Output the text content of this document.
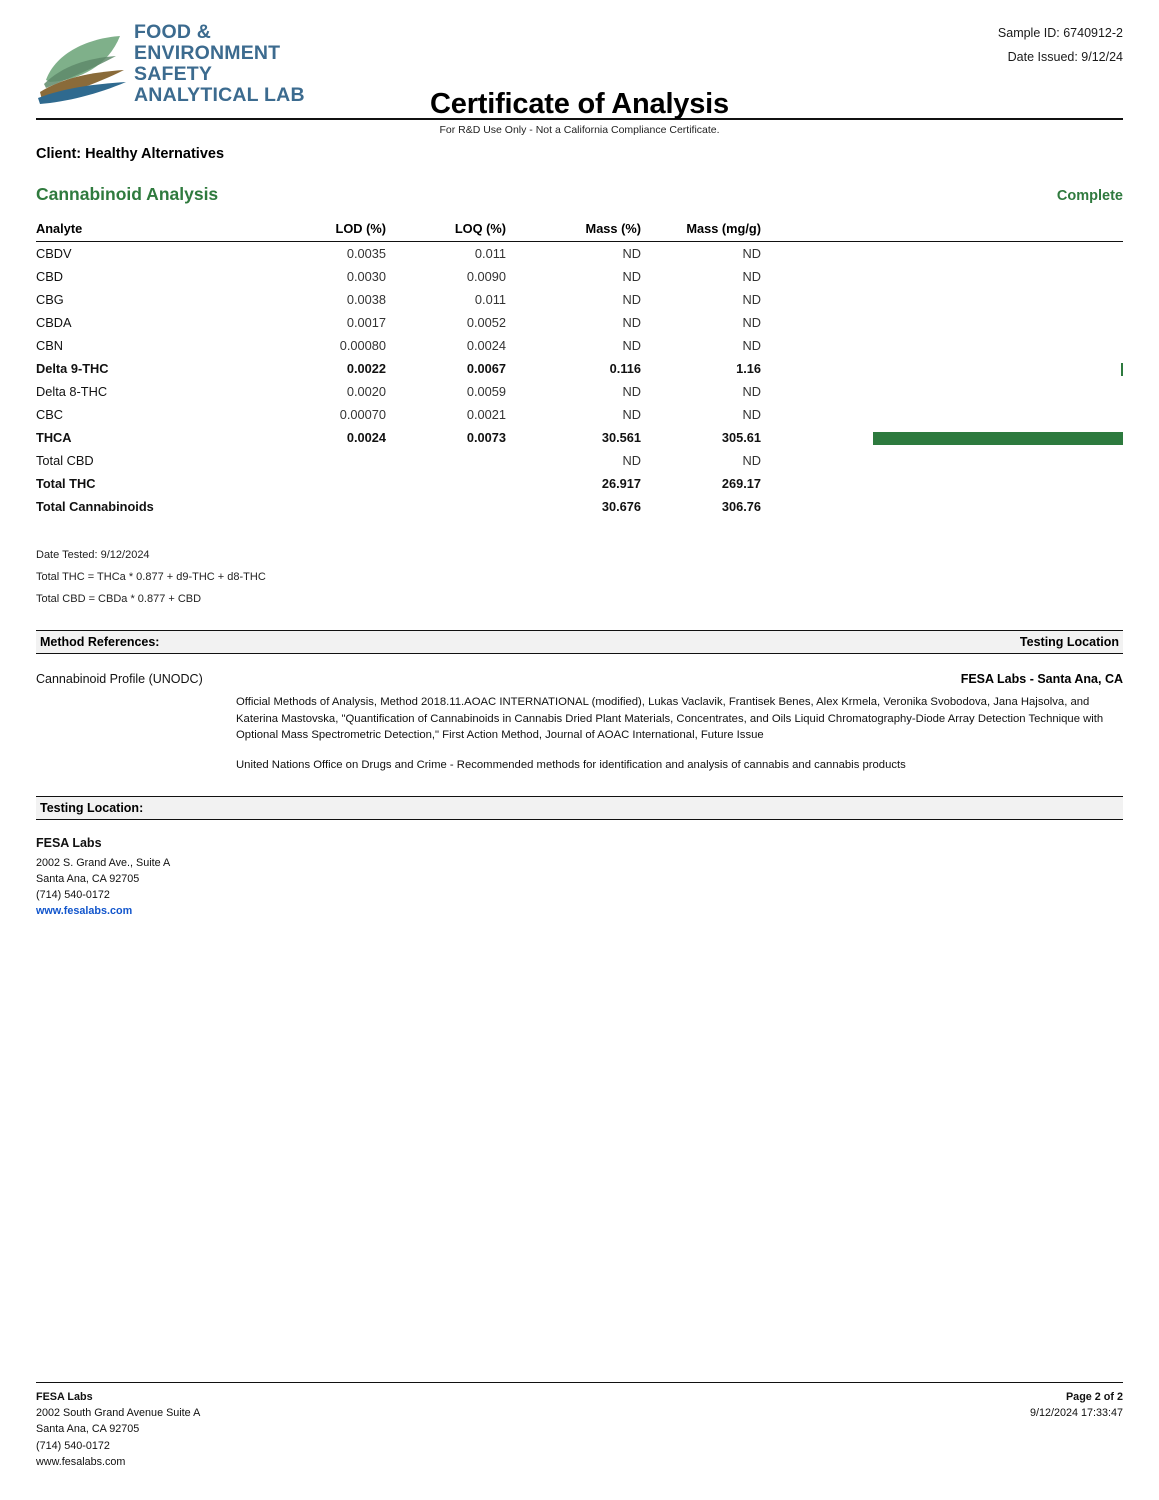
FOOD &
ENVIRONMENT
SAFETY
ANALYTICAL LAB
Sample ID: 6740912-2
Date Issued: 9/12/24
Certificate of Analysis
For R&D Use Only - Not a California Compliance Certificate.
Client: Healthy Alternatives
Cannabinoid Analysis	Complete
Analyte	LOD (%)	LOQ (%)	Mass (%)	Mass (mg/g)	
CBDV	0.0035	0.011	ND	ND	
CBD	0.0030	0.0090	ND	ND	
CBG	0.0038	0.011	ND	ND	
CBDA	0.0017	0.0052	ND	ND	
CBN	0.00080	0.0024	ND	ND	
Delta 9-THC	0.0022	0.0067	0.116	1.16	
Delta 8-THC	0.0020	0.0059	ND	ND	
CBC	0.00070	0.0021	ND	ND	
THCA	0.0024	0.0073	30.561	305.61	
Total CBD			ND	ND	
Total THC			26.917	269.17	
Total Cannabinoids			30.676	306.76	
Date Tested: 9/12/2024
Total THC = THCa * 0.877 + d9-THC + d8-THC
Total CBD = CBDa * 0.877 + CBD
Method References:	Testing Location
Cannabinoid Profile (UNODC)	FESA Labs - Santa Ana, CA

Official Methods of Analysis, Method 2018.11.AOAC INTERNATIONAL (modified), Lukas Vaclavik, Frantisek Benes, Alex Krmela, Veronika Svobodova, Jana Hajsolva, and Katerina Mastovska, "Quantification of Cannabinoids in Cannabis Dried Plant Materials, Concentrates, and Oils Liquid Chromatography-Diode Array Detection Technique with Optional Mass Spectrometric Detection," First Action Method, Journal of AOAC International, Future Issue

United Nations Office on Drugs and Crime - Recommended methods for identification and analysis of cannabis and cannabis products

Testing Location:
FESA Labs
2002 S. Grand Ave., Suite A
Santa Ana, CA 92705
(714) 540-0172
www.fesalabs.com
FESA Labs
2002 South Grand Avenue Suite A
Santa Ana, CA 92705
(714) 540-0172
www.fesalabs.com
Page 2 of 2
9/12/2024 17:33:47
